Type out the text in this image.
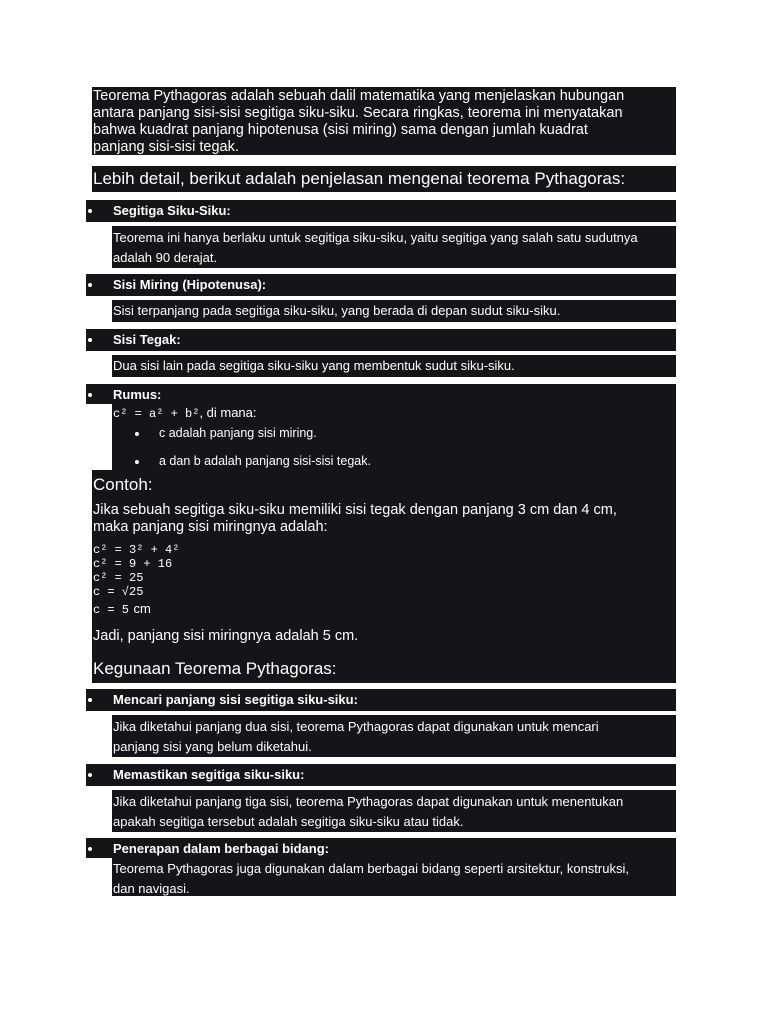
Teorema Pythagoras adalah sebuah dalil matematika yang menjelaskan hubungan
antara panjang sisi-sisi segitiga siku-siku. Secara ringkas, teorema ini menyatakan
bahwa kuadrat panjang hipotenusa (sisi miring) sama dengan jumlah kuadrat
panjang sisi-sisi tegak.
Lebih detail, berikut adalah penjelasan mengenai teorema Pythagoras:
Segitiga Siku-Siku:
Teorema ini hanya berlaku untuk segitiga siku-siku, yaitu segitiga yang salah satu sudutnya
adalah 90 derajat.
Sisi Miring (Hipotenusa):
Sisi terpanjang pada segitiga siku-siku, yang berada di depan sudut siku-siku.
Sisi Tegak:
Dua sisi lain pada segitiga siku-siku yang membentuk sudut siku-siku.
Rumus:
c² = a² + b², di mana:
c adalah panjang sisi miring.
a dan b adalah panjang sisi-sisi tegak.
Contoh:
Jika sebuah segitiga siku-siku memiliki sisi tegak dengan panjang 3 cm dan 4 cm,
maka panjang sisi miringnya adalah:
c² = 3² + 4²
c² = 9 + 16
c² = 25
c = √25
c = 5 cm
Jadi, panjang sisi miringnya adalah 5 cm.
Kegunaan Teorema Pythagoras:
Mencari panjang sisi segitiga siku-siku:
Jika diketahui panjang dua sisi, teorema Pythagoras dapat digunakan untuk mencari
panjang sisi yang belum diketahui.
Memastikan segitiga siku-siku:
Jika diketahui panjang tiga sisi, teorema Pythagoras dapat digunakan untuk menentukan
apakah segitiga tersebut adalah segitiga siku-siku atau tidak.
Penerapan dalam berbagai bidang:
Teorema Pythagoras juga digunakan dalam berbagai bidang seperti arsitektur, konstruksi,
dan navigasi.
